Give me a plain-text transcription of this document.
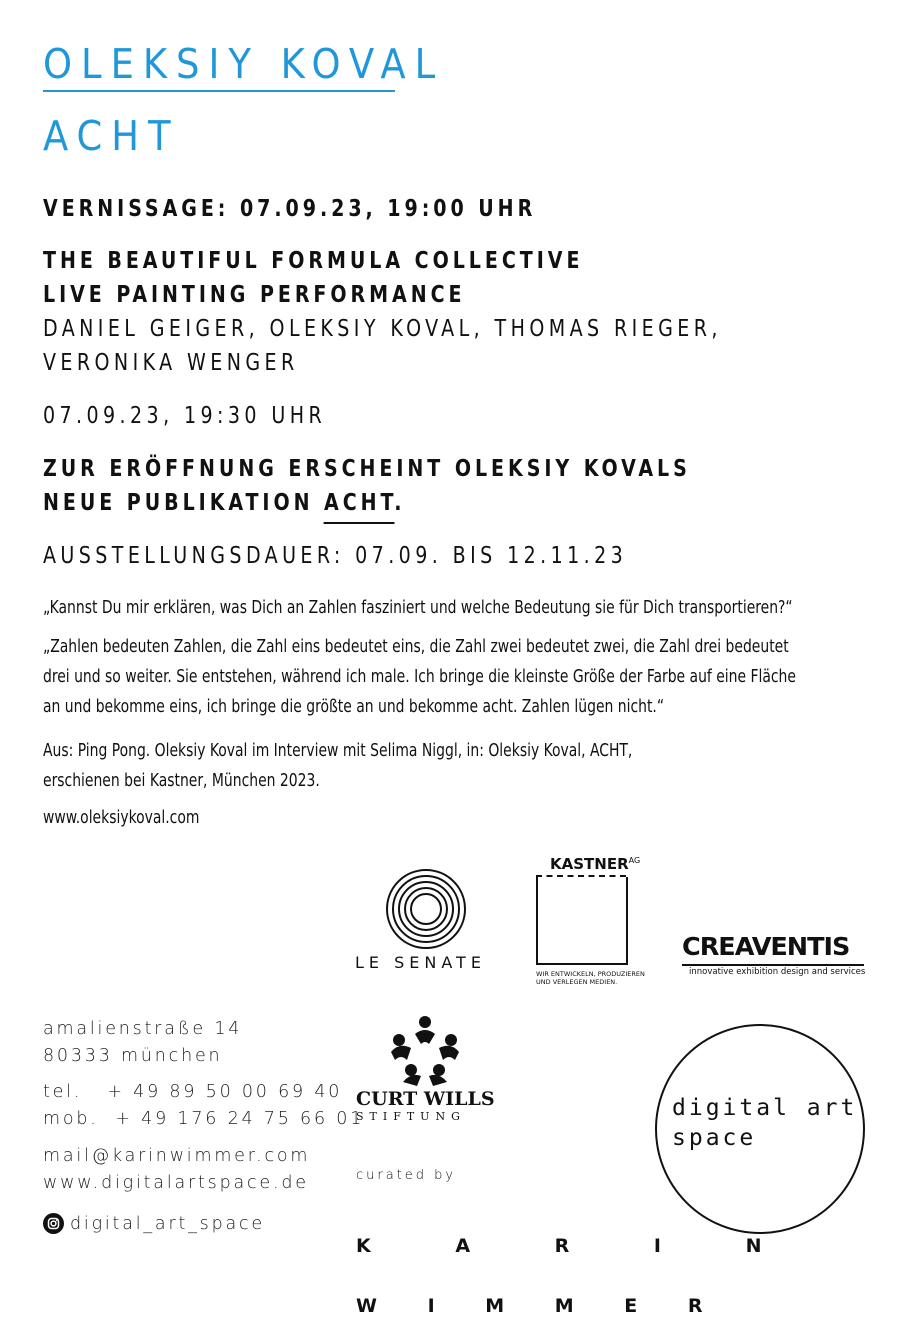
OLEKSIY KOVAL
ACHT
VERNISSAGE: 07.09.23, 19:00 UHR
THE BEAUTIFUL FORMULA COLLECTIVE
LIVE PAINTING PERFORMANCE
DANIEL GEIGER, OLEKSIY KOVAL, THOMAS RIEGER,
VERONIKA WENGER
07.09.23, 19:30 UHR
ZUR ERÖFFNUNG ERSCHEINT OLEKSIY KOVALS
NEUE PUBLIKATION ACHT.
AUSSTELLUNGSDAUER: 07.09. BIS 12.11.23
„Kannst Du mir erklären, was Dich an Zahlen fasziniert und welche Bedeutung sie für Dich transportieren?“
„Zahlen bedeuten Zahlen, die Zahl eins bedeutet eins, die Zahl zwei bedeutet zwei, die Zahl drei bedeutet
drei und so weiter. Sie entstehen, während ich male. Ich bringe die kleinste Größe der Farbe auf eine Fläche
an und bekomme eins, ich bringe die größte an und bekomme acht. Zahlen lügen nicht.“
Aus: Ping Pong. Oleksiy Koval im Interview mit Selima Niggl, in: Oleksiy Koval, ACHT,
erschienen bei Kastner, München 2023.
www.oleksiykoval.com
LE SENATE
$KASTNER^{AG}$
WIR ENTWICKELN, PRODUZIEREN
UND VERLEGEN MEDIEN.
CREAVENTIS
innovative exhibition design and services
CURT WILLS
STIFTUNG
amalienstraße 14
80333 münchen
tel.   + 49 89 50 00 69 40
mob.  + 49 176 24 75 66 01
mail@karinwimmer.com
www.digitalartspace.de
digital_art_space
curated by

K A R I N

W I M M E R

digital art
space
